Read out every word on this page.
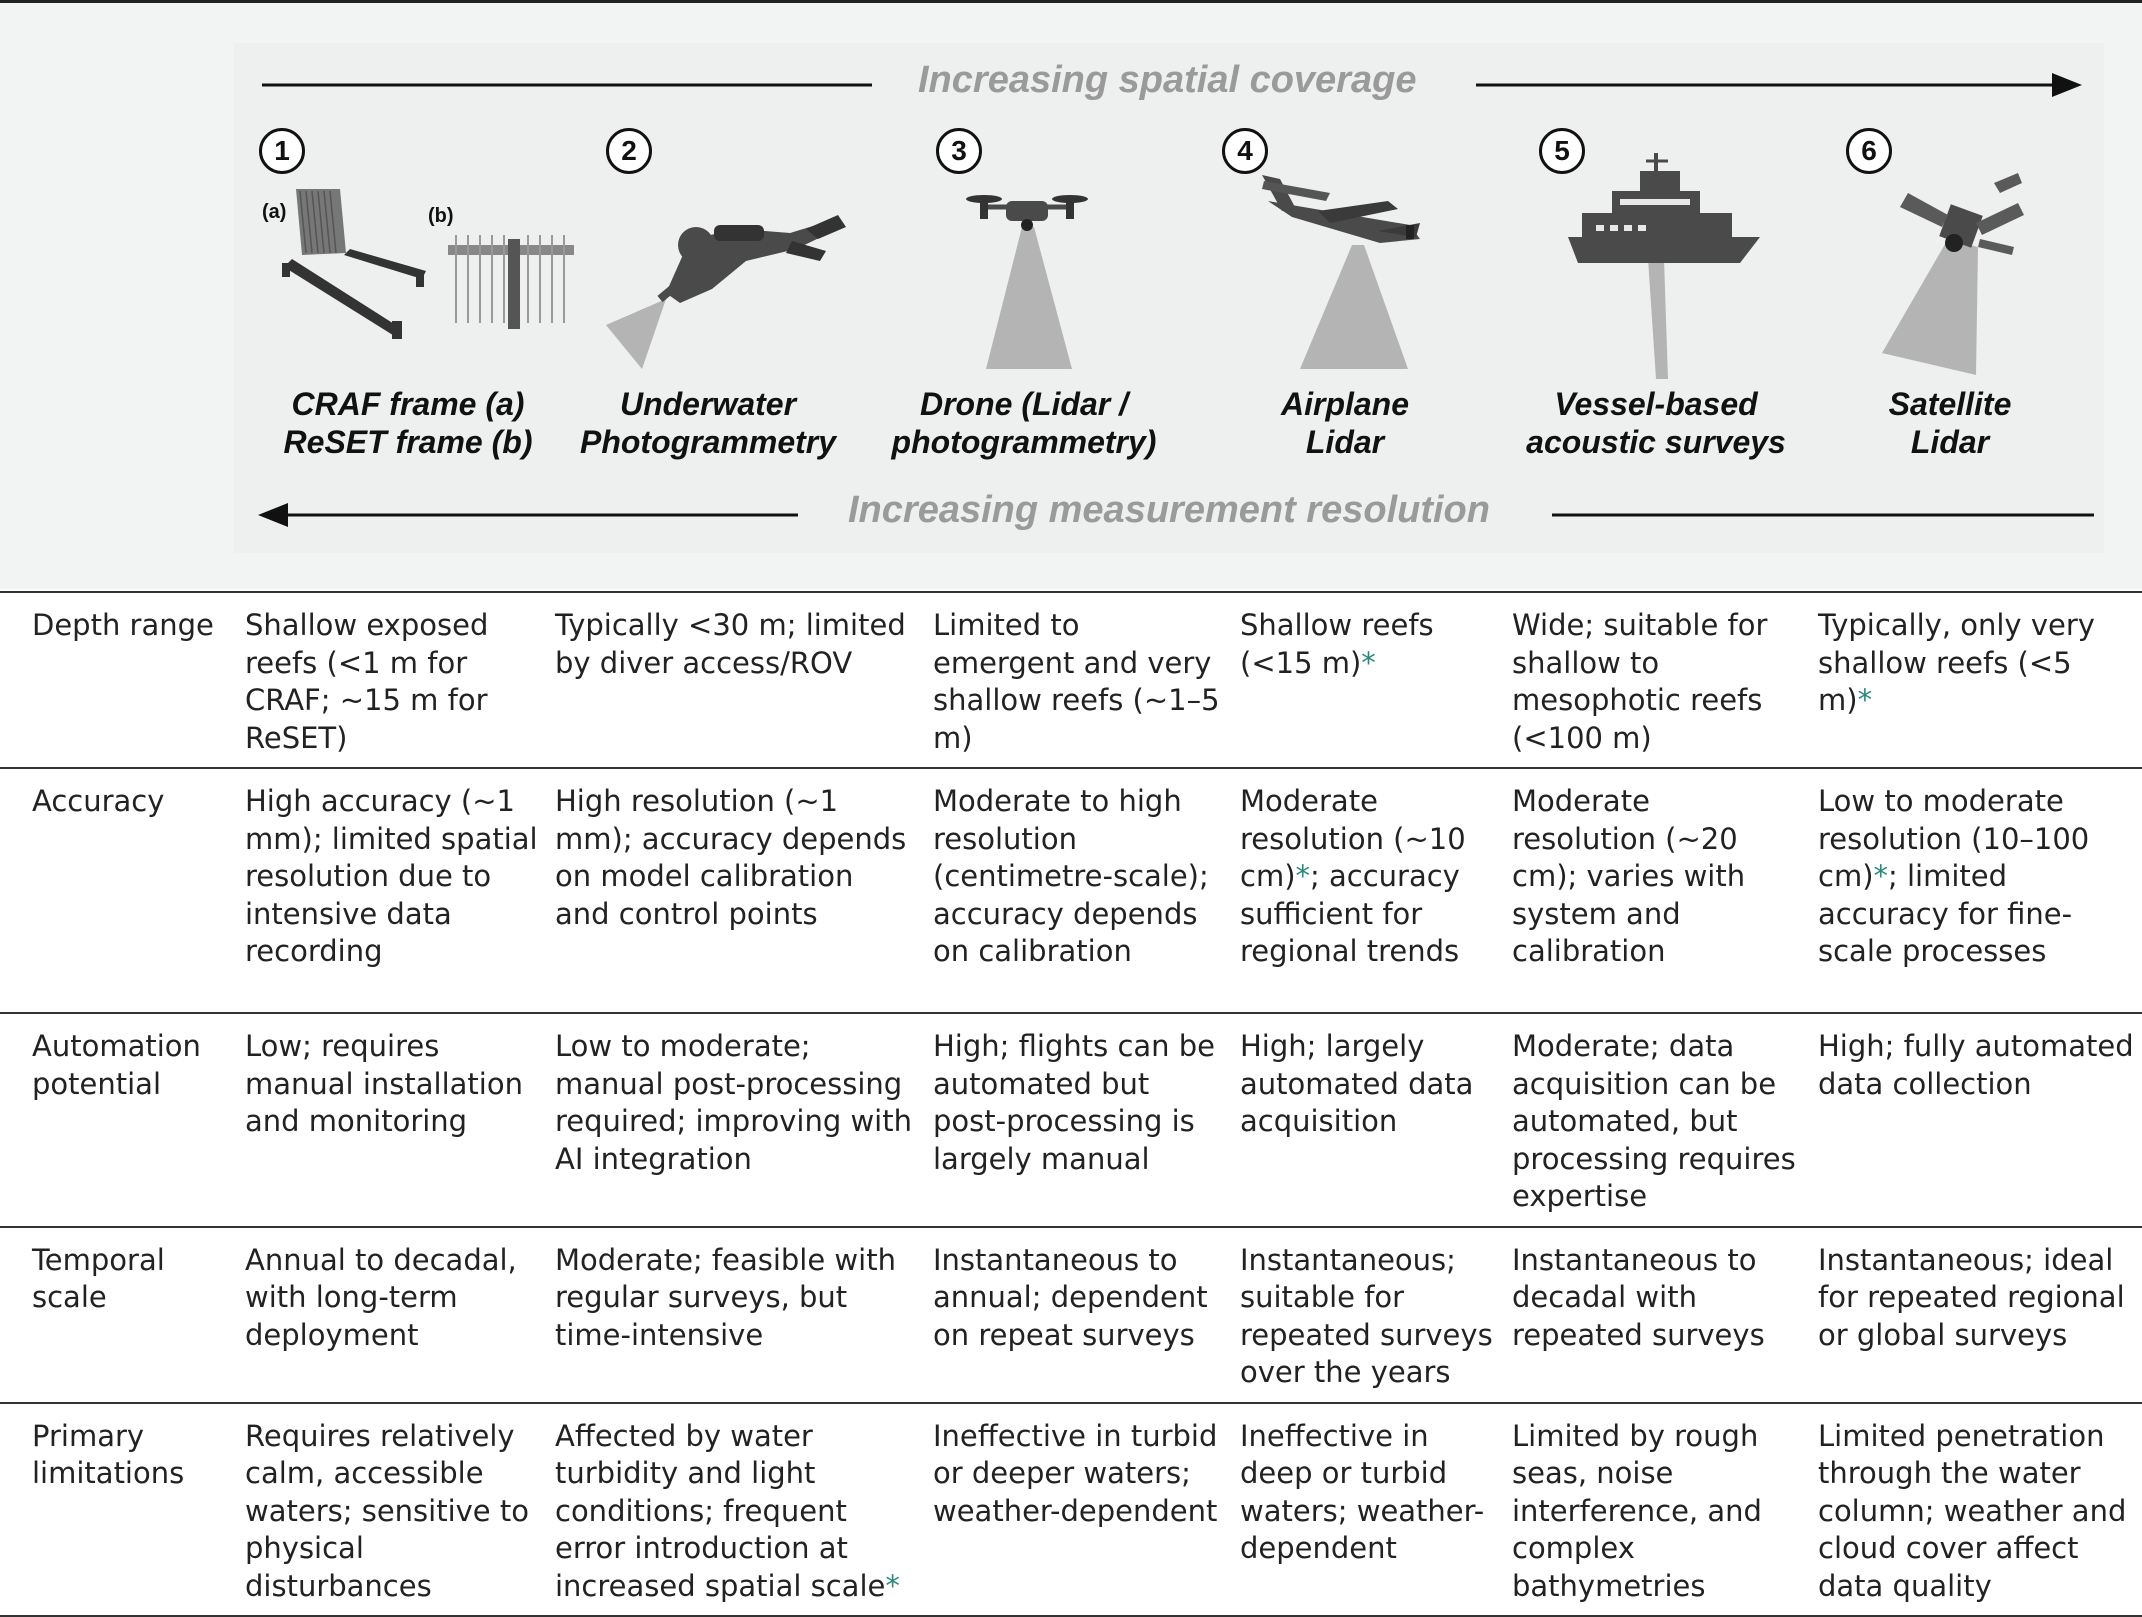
Increasing spatial coverage
Increasing measurement resolution
1	2	3	4	5	6
(a)	(b)
CRAF frame (a)
ReSET frame (b)
Underwater
Photogrammetry
Drone (Lidar /
photogrammetry)
Airplane
Lidar
Vessel-based
acoustic surveys
Satellite
Lidar
Depth range	Shallow exposed reefs (<1 m for CRAF; ~15 m for ReSET)	Typically <30 m; limited by diver access/ROV	Limited to emergent and very shallow reefs (~1–5 m)	Shallow reefs (<15 m)*	Wide; suitable for shallow to mesophotic reefs (<100 m)	Typically, only very shallow reefs (<5 m)*
Accuracy	High accuracy (~1 mm); limited spatial resolution due to intensive data recording	High resolution (~1 mm); accuracy depends on model calibration and control points	Moderate to high resolution (centimetre-scale); accuracy depends on calibration	Moderate resolution (~10 cm)*; accuracy sufficient for regional trends	Moderate resolution (~20 cm); varies with system and calibration	Low to moderate resolution (10–100 cm)*; limited accuracy for fine-scale processes
Automation potential	Low; requires manual installation and monitoring	Low to moderate; manual post-processing required; improving with AI integration	High; flights can be automated but post-processing is largely manual	High; largely automated data acquisition	Moderate; data acquisition can be automated, but processing requires expertise	High; fully automated data collection
Temporal scale	Annual to decadal, with long-term deployment	Moderate; feasible with regular surveys, but time-intensive	Instantaneous to annual; dependent on repeat surveys	Instantaneous; suitable for repeated surveys over the years	Instantaneous to decadal with repeated surveys	Instantaneous; ideal for repeated regional or global surveys
Primary limitations	Requires relatively calm, accessible waters; sensitive to physical disturbances	Affected by water turbidity and light conditions; frequent error introduction at increased spatial scale*	Ineffective in turbid or deeper waters; weather-dependent	Ineffective in deep or turbid waters; weather-dependent	Limited by rough seas, noise interference, and complex bathymetries	Limited penetration through the water column; weather and cloud cover affect data quality
